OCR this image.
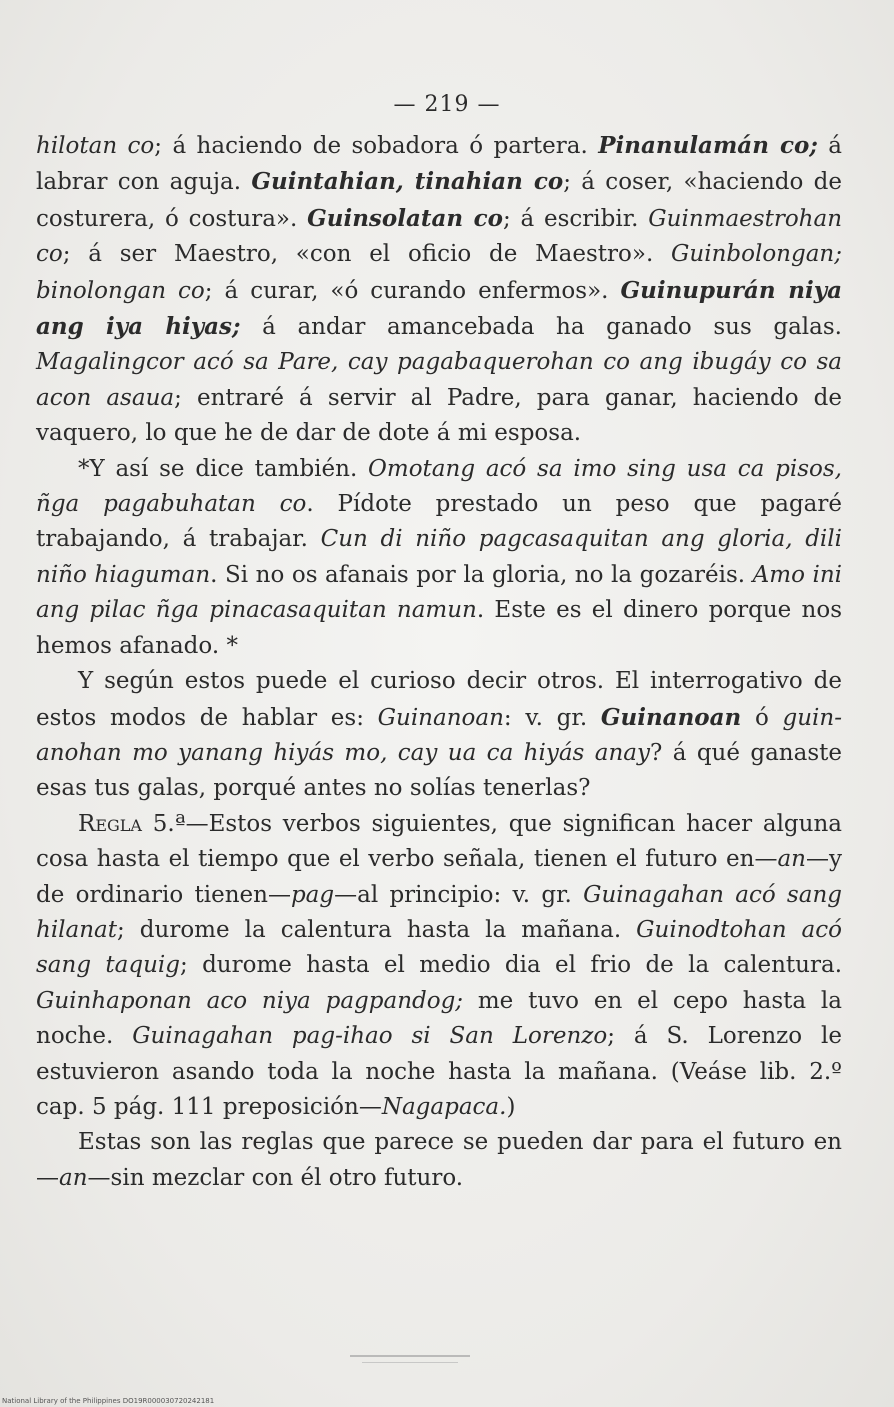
— 219 —

hilotan co; á haciendo de sobadora ó partera. Pinanulamán co; á labrar con aguja. Guintahian, tinahian co; á coser, «haciendo de costurera, ó costura». Guinsolatan co; á escribir. Guinmaestrohan co; á ser Maestro, «con el oficio de Maestro». Guinbolongan; binolongan co; á curar, «ó curando enfermos». Guinupurán niya ang iya hiyas; á andar amancebada ha ganado sus galas. Magalingcor acó sa Pare, cay pagabaquerohan co ang ibugáy co sa acon asaua; entraré á servir al Padre, para ganar, haciendo de vaquero, lo que he de dar de dote á mi esposa.

*Y así se dice también. Omotang acó sa imo sing usa ca pisos, ñga pagabuhatan co. Pídote prestado un peso que pagaré trabajando, á trabajar. Cun di niño pagcasaquitan ang gloria, dili niño hiaguman. Si no os afanais por la gloria, no la gozaréis. Amo ini ang pilac ñga pinacasaquitan namun. Este es el dinero porque nos hemos afanado. *

Y según estos puede el curioso decir otros. El interrogativo de estos modos de hablar es: Guinanoan: v. gr. Guinanoan ó guin-anohan mo yanang hiyás mo, cay ua ca hiyás anay? á qué ganaste esas tus galas, porqué antes no solías tenerlas?

Regla 5.ª—Estos verbos siguientes, que significan hacer alguna cosa hasta el tiempo que el verbo señala, tienen el futuro en—an—y de ordinario tienen—pag—al principio: v. gr. Guinagahan acó sang hilanat; durome la calentura hasta la mañana. Guinodtohan acó sang taquig; durome hasta el medio dia el frio de la calentura. Guinhaponan aco niya pagpandog; me tuvo en el cepo hasta la noche. Guinagahan pag-ihao si San Lorenzo; á S. Lorenzo le estuvieron asando toda la noche hasta la mañana. (Veáse lib. 2.º cap. 5 pág. 111 preposición—Nagapaca.)

Estas son las reglas que parece se pueden dar para el futuro en—an—sin mezclar con él otro futuro.

National Library of the Philippines DO19R000030720242181
